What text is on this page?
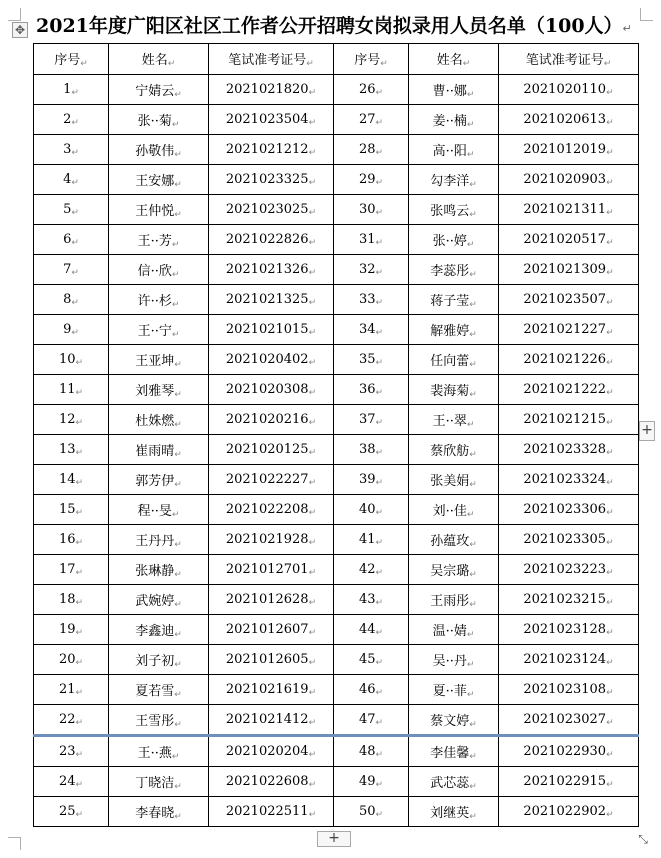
✥ 2021年度广阳区社区工作者公开招聘女岗拟录用人员名单（100人）↵
序号↵	姓名↵	笔试准考证号↵	序号↵	姓名↵	笔试准考证号↵
1↵	宁婧云↵	2021021820↵	26↵	曹··娜↵	2021020110↵
2↵	张··菊↵	2021023504↵	27↵	姜··楠↵	2021020613↵
3↵	孙敬伟↵	2021021212↵	28↵	高··阳↵	2021012019↵
4↵	王安娜↵	2021023325↵	29↵	勾李洋↵	2021020903↵
5↵	王仲悦↵	2021023025↵	30↵	张鸣云↵	2021021311↵
6↵	王··芳↵	2021022826↵	31↵	张··婷↵	2021020517↵
7↵	信··欣↵	2021021326↵	32↵	李蕊彤↵	2021021309↵
8↵	许··杉↵	2021021325↵	33↵	蒋子莹↵	2021023507↵
9↵	王··宁↵	2021021015↵	34↵	解雅婷↵	2021021227↵
10↵	王亚坤↵	2021020402↵	35↵	任向蕾↵	2021021226↵
11↵	刘雅琴↵	2021020308↵	36↵	裴海菊↵	2021021222↵
12↵	杜姝燃↵	2021020216↵	37↵	王··翠↵	2021021215↵
13↵	崔雨晴↵	2021020125↵	38↵	蔡欣舫↵	2021023328↵
14↵	郭芳伊↵	2021022227↵	39↵	张美娟↵	2021023324↵
15↵	程··旻↵	2021022208↵	40↵	刘··佳↵	2021023306↵
16↵	王丹丹↵	2021021928↵	41↵	孙蕴玫↵	2021023305↵
17↵	张琳静↵	2021012701↵	42↵	吴宗璐↵	2021023223↵
18↵	武婉婷↵	2021012628↵	43↵	王雨彤↵	2021023215↵
19↵	李鑫迪↵	2021012607↵	44↵	温··婧↵	2021023128↵
20↵	刘子初↵	2021012605↵	45↵	吴··丹↵	2021023124↵
21↵	夏若雪↵	2021021619↵	46↵	夏··菲↵	2021023108↵
22↵	王雪彤↵	2021021412↵	47↵	蔡文婷↵	2021023027↵
23↵	王··燕↵	2021020204↵	48↵	李佳馨↵	2021022930↵
24↵	丁晓洁↵	2021022608↵	49↵	武芯蕊↵	2021022915↵
25↵	李春晓↵	2021022511↵	50↵	刘继英↵	2021022902↵
+
+	⤡
